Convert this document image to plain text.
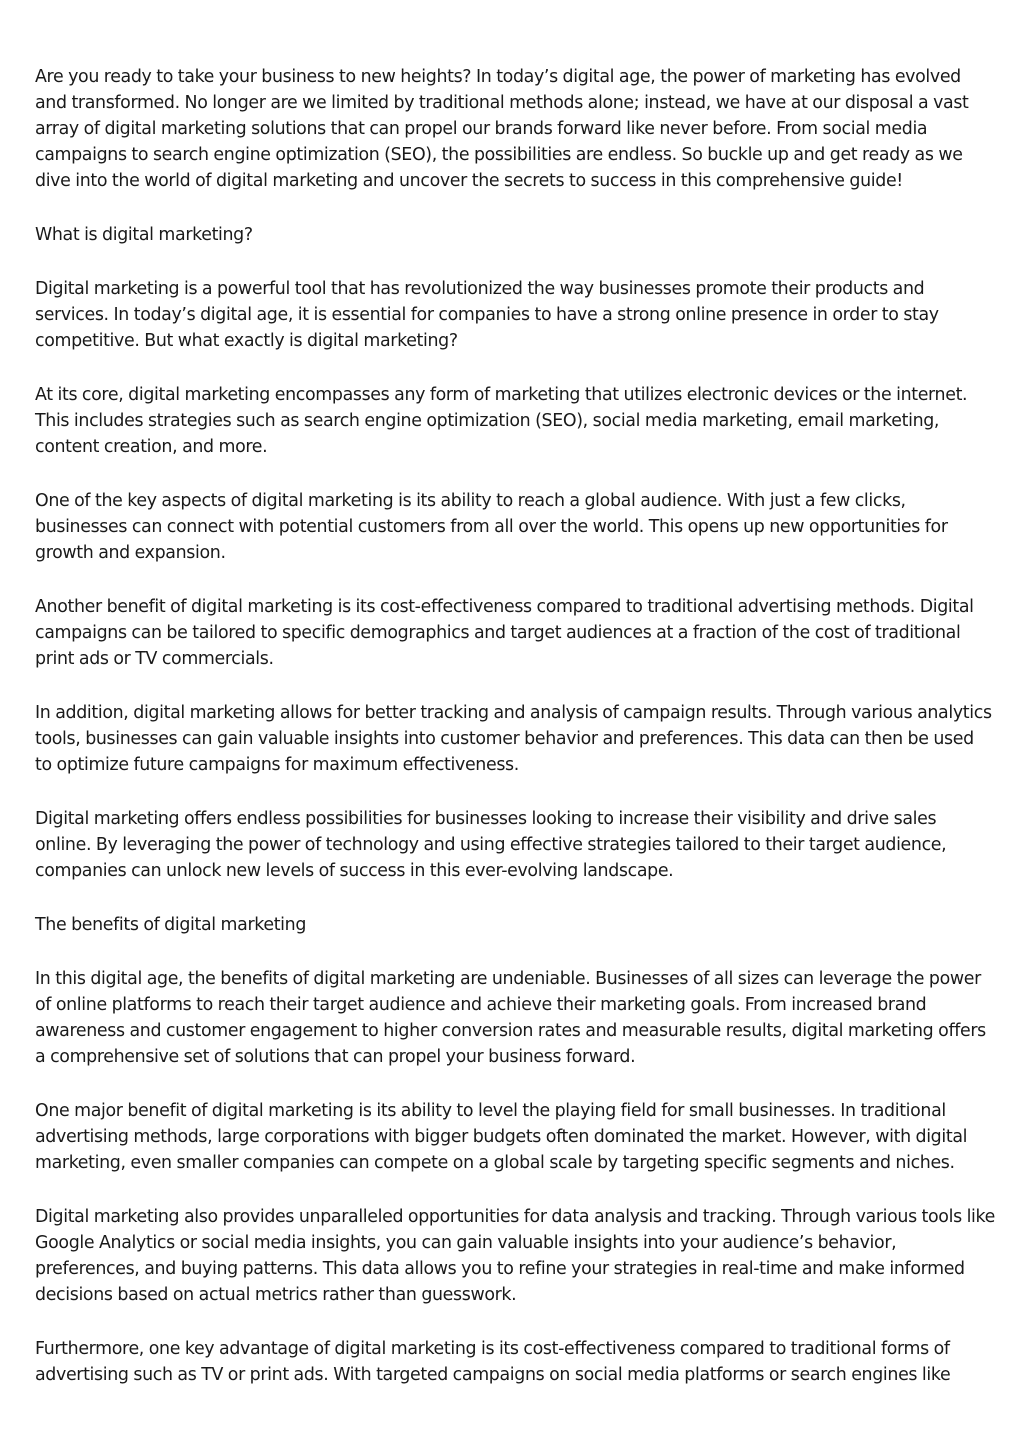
Are you ready to take your business to new heights? In today’s digital age, the power of marketing has evolved and transformed. No longer are we limited by traditional methods alone; instead, we have at our disposal a vast array of digital marketing solutions that can propel our brands forward like never before. From social media campaigns to search engine optimization (SEO), the possibilities are endless. So buckle up and get ready as we dive into the world of digital marketing and uncover the secrets to success in this comprehensive guide!

What is digital marketing?

Digital marketing is a powerful tool that has revolutionized the way businesses promote their products and services. In today’s digital age, it is essential for companies to have a strong online presence in order to stay competitive. But what exactly is digital marketing?

At its core, digital marketing encompasses any form of marketing that utilizes electronic devices or the internet. This includes strategies such as search engine optimization (SEO), social media marketing, email marketing, content creation, and more.

One of the key aspects of digital marketing is its ability to reach a global audience. With just a few clicks, businesses can connect with potential customers from all over the world. This opens up new opportunities for growth and expansion.

Another benefit of digital marketing is its cost-effectiveness compared to traditional advertising methods. Digital campaigns can be tailored to specific demographics and target audiences at a fraction of the cost of traditional print ads or TV commercials.

In addition, digital marketing allows for better tracking and analysis of campaign results. Through various analytics tools, businesses can gain valuable insights into customer behavior and preferences. This data can then be used to optimize future campaigns for maximum effectiveness.

Digital marketing offers endless possibilities for businesses looking to increase their visibility and drive sales online. By leveraging the power of technology and using effective strategies tailored to their target audience, companies can unlock new levels of success in this ever-evolving landscape.

The benefits of digital marketing

In this digital age, the benefits of digital marketing are undeniable. Businesses of all sizes can leverage the power of online platforms to reach their target audience and achieve their marketing goals. From increased brand awareness and customer engagement to higher conversion rates and measurable results, digital marketing offers a comprehensive set of solutions that can propel your business forward.

One major benefit of digital marketing is its ability to level the playing field for small businesses. In traditional advertising methods, large corporations with bigger budgets often dominated the market. However, with digital marketing, even smaller companies can compete on a global scale by targeting specific segments and niches.

Digital marketing also provides unparalleled opportunities for data analysis and tracking. Through various tools like Google Analytics or social media insights, you can gain valuable insights into your audience’s behavior, preferences, and buying patterns. This data allows you to refine your strategies in real-time and make informed decisions based on actual metrics rather than guesswork.

Furthermore, one key advantage of digital marketing is its cost-effectiveness compared to traditional forms of advertising such as TV or print ads. With targeted campaigns on social media platforms or search engines like
